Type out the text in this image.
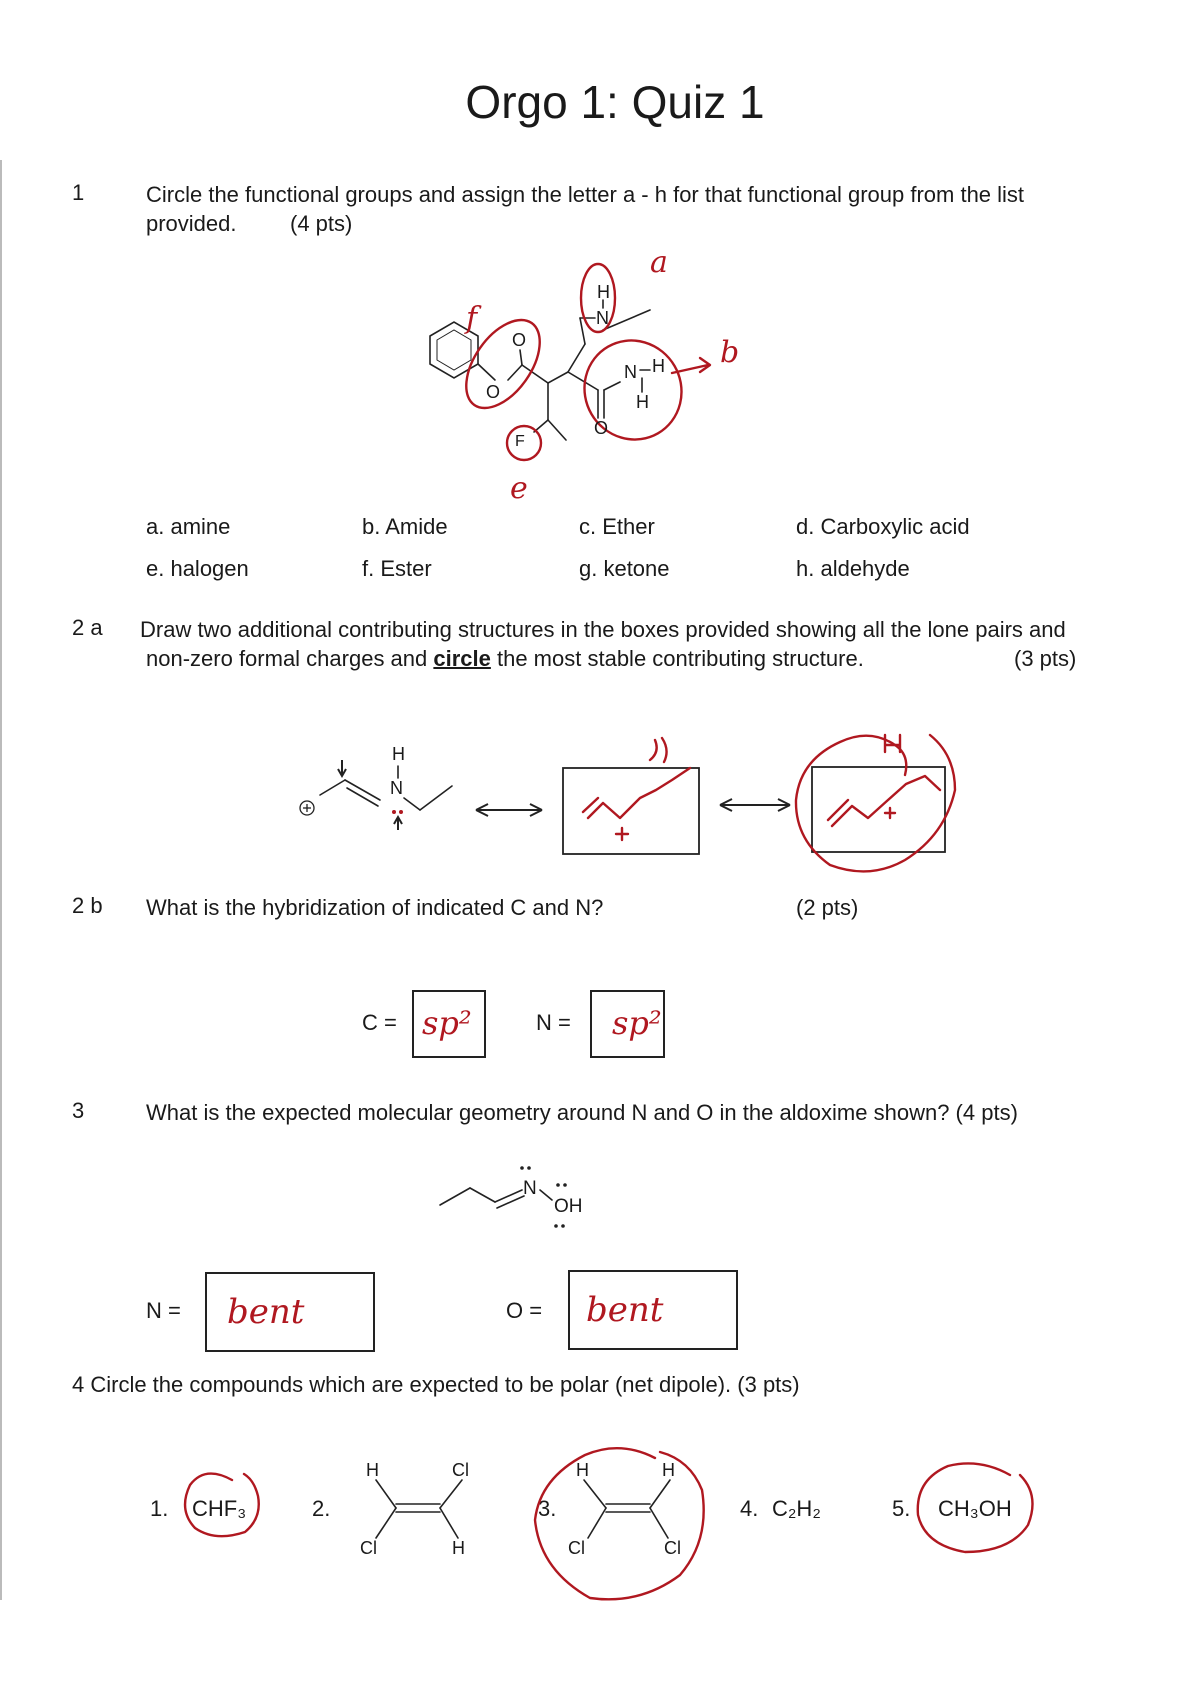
Orgo 1: Quiz 1
1	Circle the functional groups and assign the letter a - h for that functional group from the list
provided. (4 pts)
f
e
a
b
O
O
F
O
N
H
N H
H
a. amine	b. Amide	c. Ether	d. Carboxylic acid
e. halogen	f. Ester	g. ketone	h. aldehyde
2 a Draw two additional contributing structures in the boxes provided showing all the lone pairs and
non-zero formal charges and circle the most stable contributing structure.	(3 pts)
H
N
2 b What is the hybridization of indicated C and N?	(2 pts)
C = sp²	N = sp²
3	What is the expected molecular geometry around N and O in the aldoxime shown? (4 pts)
N
OH
N = bent	O = bent
4 Circle the compounds which are expected to be polar (net dipole). (3 pts)
1. CHF₃	2.	3.	4. C₂H₂	5. CH₃OH
H	Cl
H
Cl
H	H
Cl	Cl
